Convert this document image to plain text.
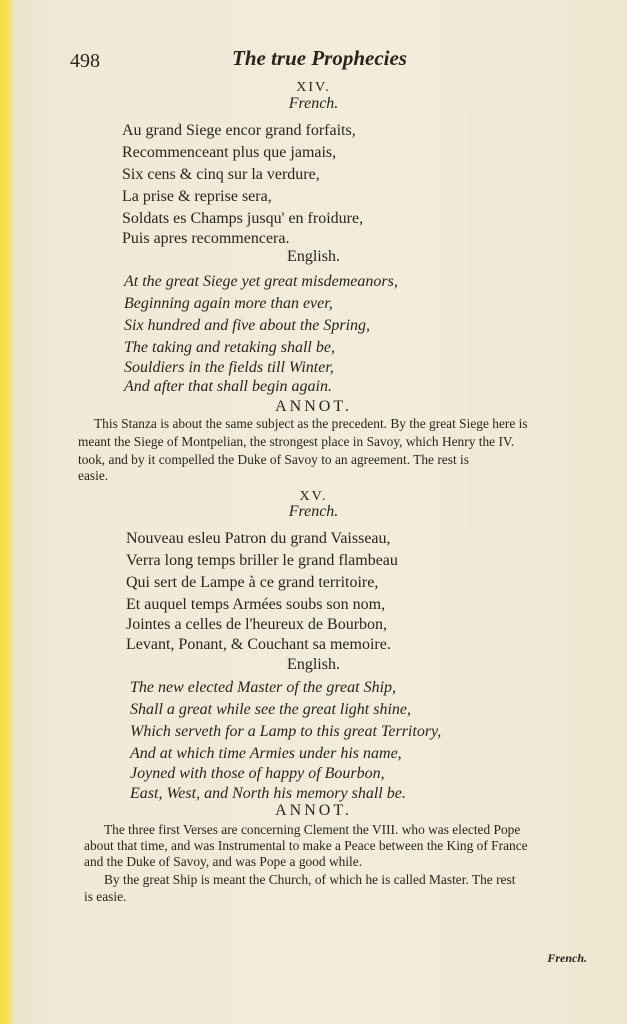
498	The true Prophecies
XIV.
French.
Au grand Siege encor grand forfaits,
Recommenceant plus que jamais,
Six cens & cinq sur la verdure,
La prise & reprise sera,
Soldats es Champs jusqu' en froidure,
Puis apres recommencera.
English.
At the great Siege yet great misdemeanors,
Beginning again more than ever,
Six hundred and five about the Spring,
The taking and retaking shall be,
Souldiers in the fields till Winter,
And after that shall begin again.
ANNOT.
This Stanza is about the same subject as the precedent. By the great Siege here is
meant the Siege of Montpelian, the strongest place in Savoy, which Henry the IV.
took, and by it compelled the Duke of Savoy to an agreement. The rest is
easie.
XV.
French.
Nouveau esleu Patron du grand Vaisseau,
Verra long temps briller le grand flambeau
Qui sert de Lampe à ce grand territoire,
Et auquel temps Armées soubs son nom,
Jointes a celles de l'heureux de Bourbon,
Levant, Ponant, & Couchant sa memoire.
English.
The new elected Master of the great Ship,
Shall a great while see the great light shine,
Which serveth for a Lamp to this great Territory,
And at which time Armies under his name,
Joyned with those of happy of Bourbon,
East, West, and North his memory shall be.
ANNOT.
The three first Verses are concerning Clement the VIII. who was elected Pope
about that time, and was Instrumental to make a Peace between the King of France
and the Duke of Savoy, and was Pope a good while.
By the great Ship is meant the Church, of which he is called Master. The rest
is easie.
French.
